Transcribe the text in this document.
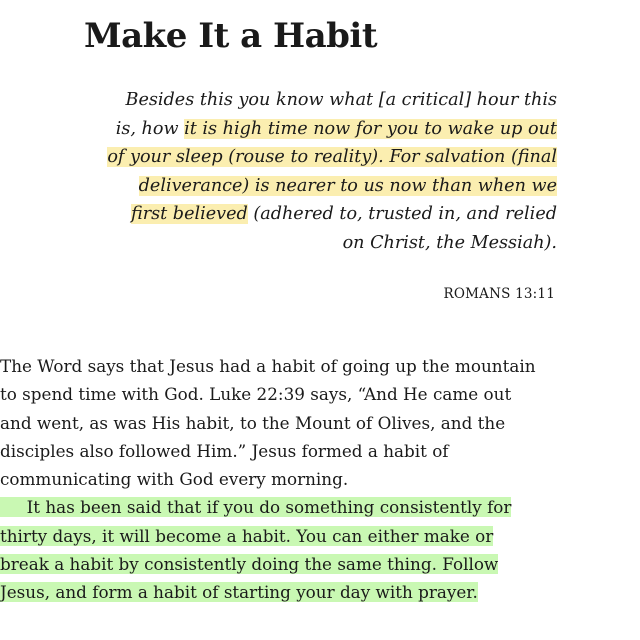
Make It a Habit

Besides this you know what [a critical] hour this

is, how it is high time now for you to wake up out

of your sleep (rouse to reality). For salvation (final

deliverance) is nearer to us now than when we

first believed (adhered to, trusted in, and relied

on Christ, the Messiah).

ROMANS 13:11

The Word says that Jesus had a habit of going up the mountain

to spend time with God. Luke 22:39 says, “And He came out

and went, as was His habit, to the Mount of Olives, and the

disciples also followed Him.” Jesus formed a habit of

communicating with God every morning.

It has been said that if you do something consistently for

thirty days, it will become a habit. You can either make or

break a habit by consistently doing the same thing. Follow

Jesus, and form a habit of starting your day with prayer.
